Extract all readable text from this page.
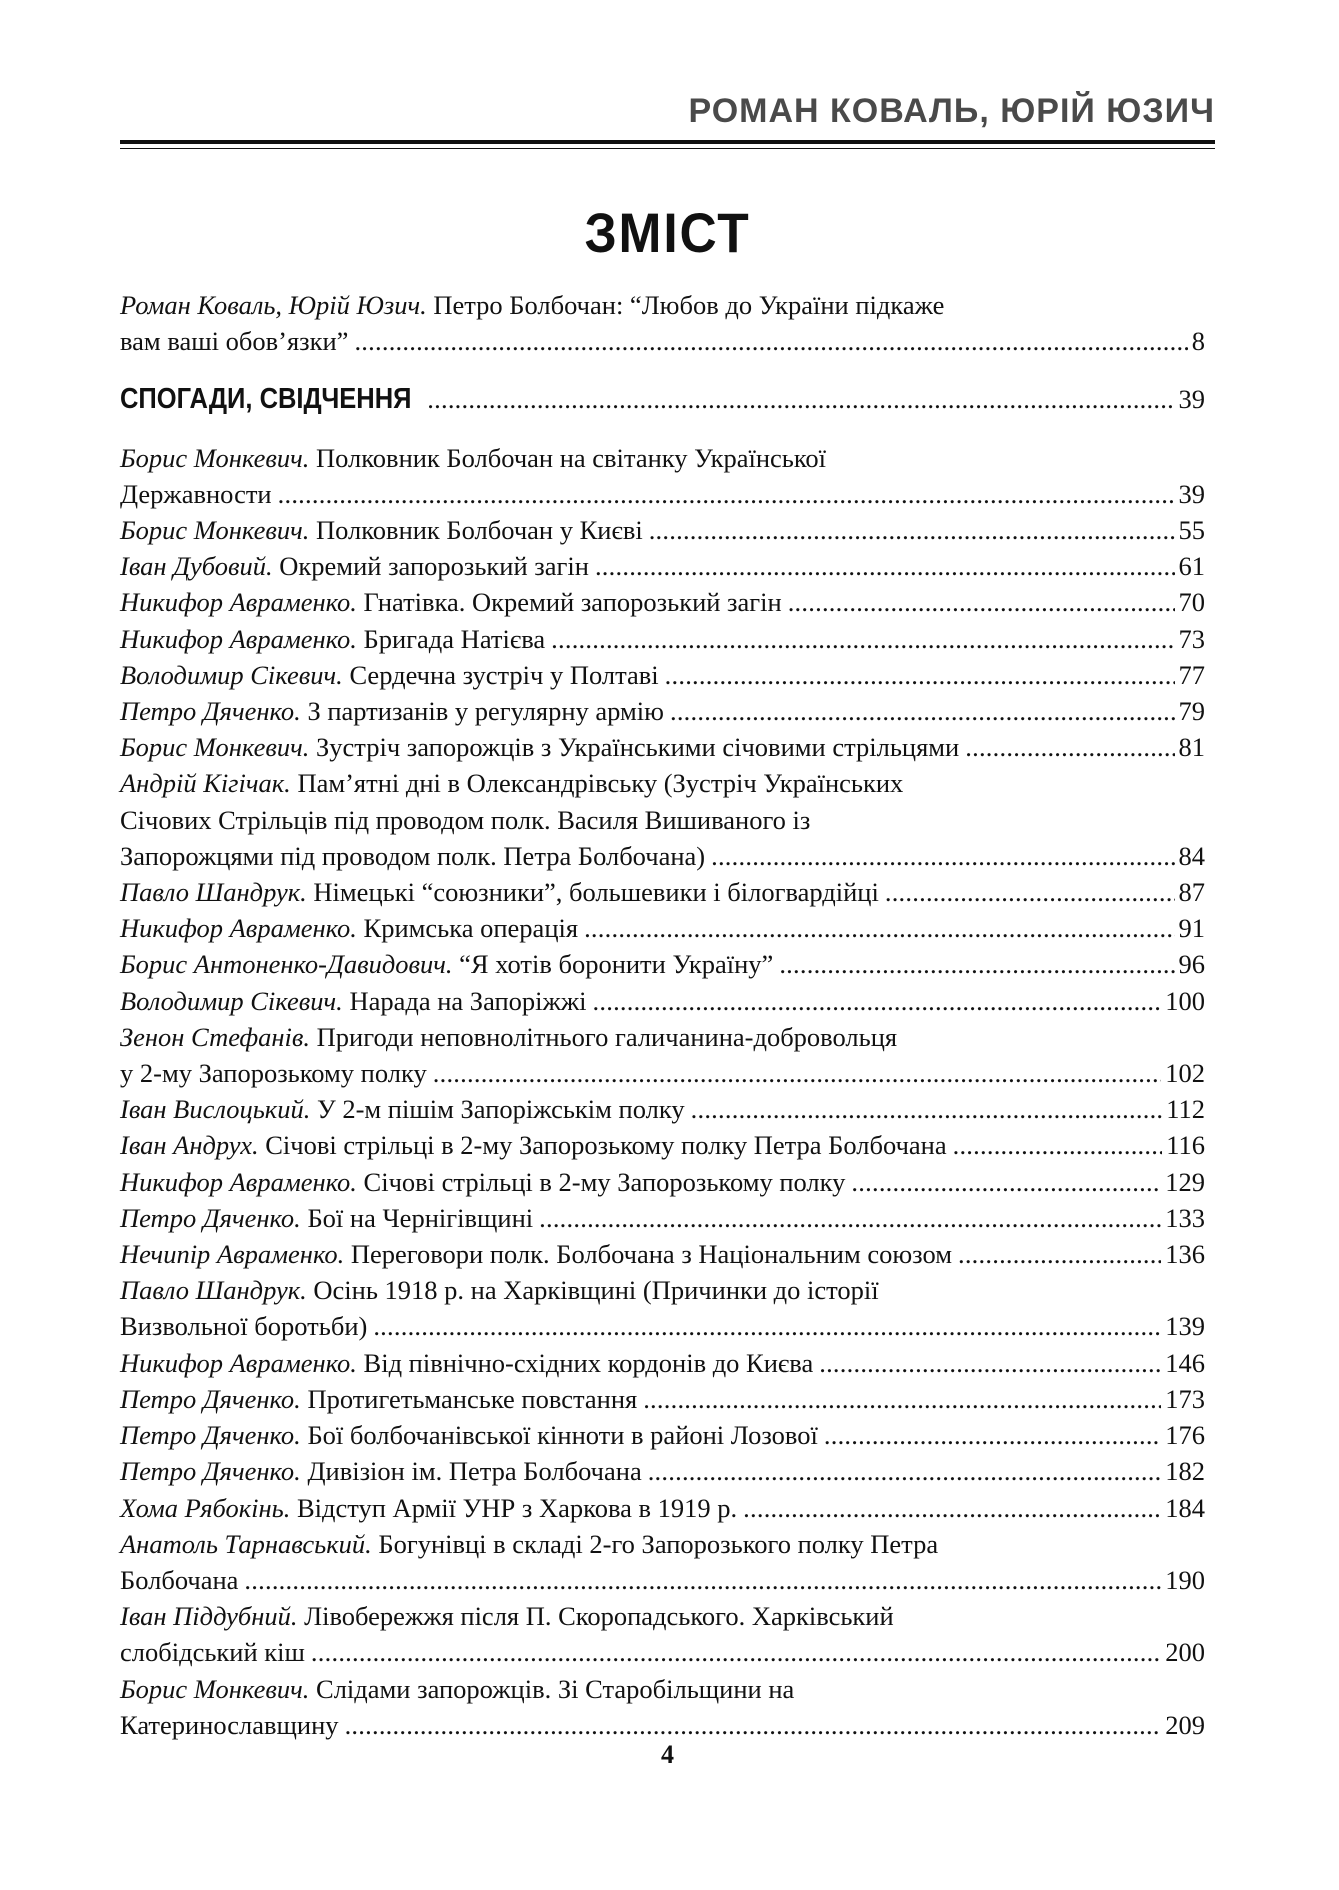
РОМАН КОВАЛЬ, ЮРІЙ ЮЗИЧ
ЗМІСТ
Роман Коваль, Юрій Юзич. Петро Болбочан: “Любов до України підкаже
вам ваші обов’язки” . . .	8
СПОГАДИ, СВІДЧЕННЯ . . .	39
Борис Монкевич. Полковник Болбочан на світанку Української
Державности . . .	39
Борис Монкевич. Полковник Болбочан у Києві . . .	55
Іван Дубовий. Окремий запорозький загін . . .	61
Никифор Авраменко. Гнатівка. Окремий запорозький загін . . .	70
Никифор Авраменко. Бригада Натієва . . .	73
Володимир Сікевич. Сердечна зустріч у Полтаві . . .	77
Петро Дяченко. З партизанів у регулярну армію . . .	79
Борис Монкевич. Зустріч запорожців з Українськими січовими стрільцями . . .	81
Андрій Кігічак. Пам’ятні дні в Олександрівську (Зустріч Українських
Січових Стрільців під проводом полк. Василя Вишиваного із
Запорожцями під проводом полк. Петра Болбочана) . . .	84
Павло Шандрук. Німецькі “союзники”, большевики і білогвардійці . . .	87
Никифор Авраменко. Кримська операція . . .	91
Борис Антоненко-Давидович. “Я хотів боронити Україну” . . .	96
Володимир Сікевич. Нарада на Запоріжжі . . .	100
Зенон Стефанів. Пригоди неповнолітнього галичанина-добровольця
у 2-му Запорозькому полку . . .	102
Іван Вислоцький. У 2-м пішім Запоріжськім полку . . .	112
Іван Андрух. Січові стрільці в 2-му Запорозькому полку Петра Болбочана . . .	116
Никифор Авраменко. Січові стрільці в 2-му Запорозькому полку . . .	129
Петро Дяченко. Бої на Чернігівщині . . .	133
Нечипір Авраменко. Переговори полк. Болбочана з Національним союзом . . .	136
Павло Шандрук. Осінь 1918 р. на Харківщині (Причинки до історії
Визвольної боротьби) . . .	139
Никифор Авраменко. Від північно-східних кордонів до Києва . . .	146
Петро Дяченко. Протигетьманське повстання . . .	173
Петро Дяченко. Бої болбочанівської кінноти в районі Лозової . . .	176
Петро Дяченко. Дивізіон ім. Петра Болбочана . . .	182
Хома Рябокінь. Відступ Армії УНР з Харкова в 1919 р. . . .	184
Анатоль Тарнавський. Богунівці в складі 2-го Запорозького полку Петра
Болбочана . . .	190
Іван Піддубний. Лівобережжя після П. Скоропадського. Харківський
слобідський кіш . . .	200
Борис Монкевич. Слідами запорожців. Зі Старобільщини на
Катеринославщину . . .	209
4
